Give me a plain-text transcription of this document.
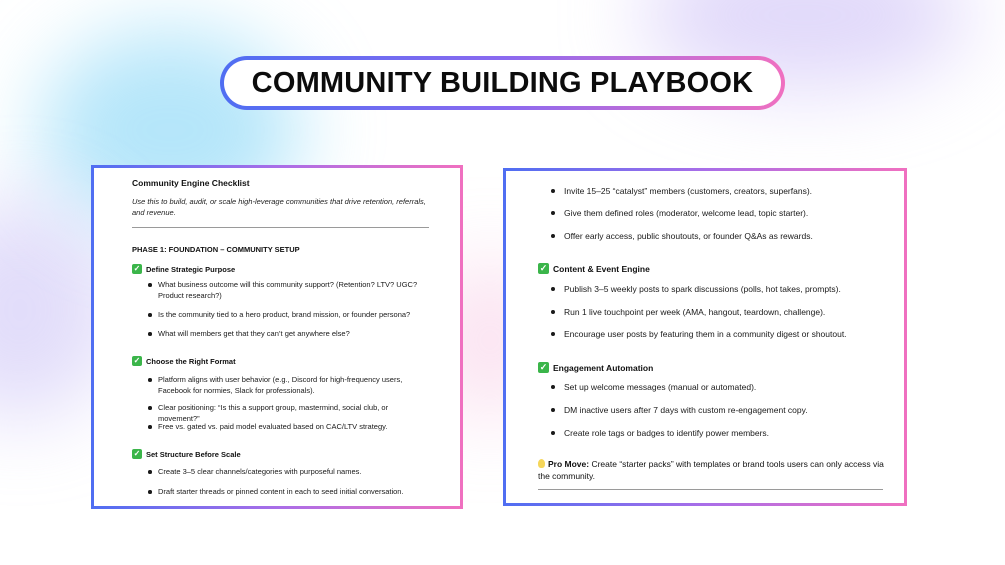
COMMUNITY BUILDING PLAYBOOK
Community Engine Checklist
Use this to build, audit, or scale high-leverage communities that drive retention, referrals, and revenue.
PHASE 1: FOUNDATION – COMMUNITY SETUP
✓ Define Strategic Purpose
What business outcome will this community support? (Retention? LTV? UGC? Product research?)
Is the community tied to a hero product, brand mission, or founder persona?
What will members get that they can’t get anywhere else?
✓ Choose the Right Format
Platform aligns with user behavior (e.g., Discord for high-frequency users, Facebook for normies, Slack for professionals).
Clear positioning: “Is this a support group, mastermind, social club, or movement?”
Free vs. gated vs. paid model evaluated based on CAC/LTV strategy.
✓ Set Structure Before Scale
Create 3–5 clear channels/categories with purposeful names.
Draft starter threads or pinned content in each to seed initial conversation.
Invite 15–25 “catalyst” members (customers, creators, superfans).
Give them defined roles (moderator, welcome lead, topic starter).
Offer early access, public shoutouts, or founder Q&As as rewards.
✓ Content & Event Engine
Publish 3–5 weekly posts to spark discussions (polls, hot takes, prompts).
Run 1 live touchpoint per week (AMA, hangout, teardown, challenge).
Encourage user posts by featuring them in a community digest or shoutout.
✓ Engagement Automation
Set up welcome messages (manual or automated).
DM inactive users after 7 days with custom re-engagement copy.
Create role tags or badges to identify power members.
Pro Move: Create “starter packs” with templates or brand tools users can only access via the community.
